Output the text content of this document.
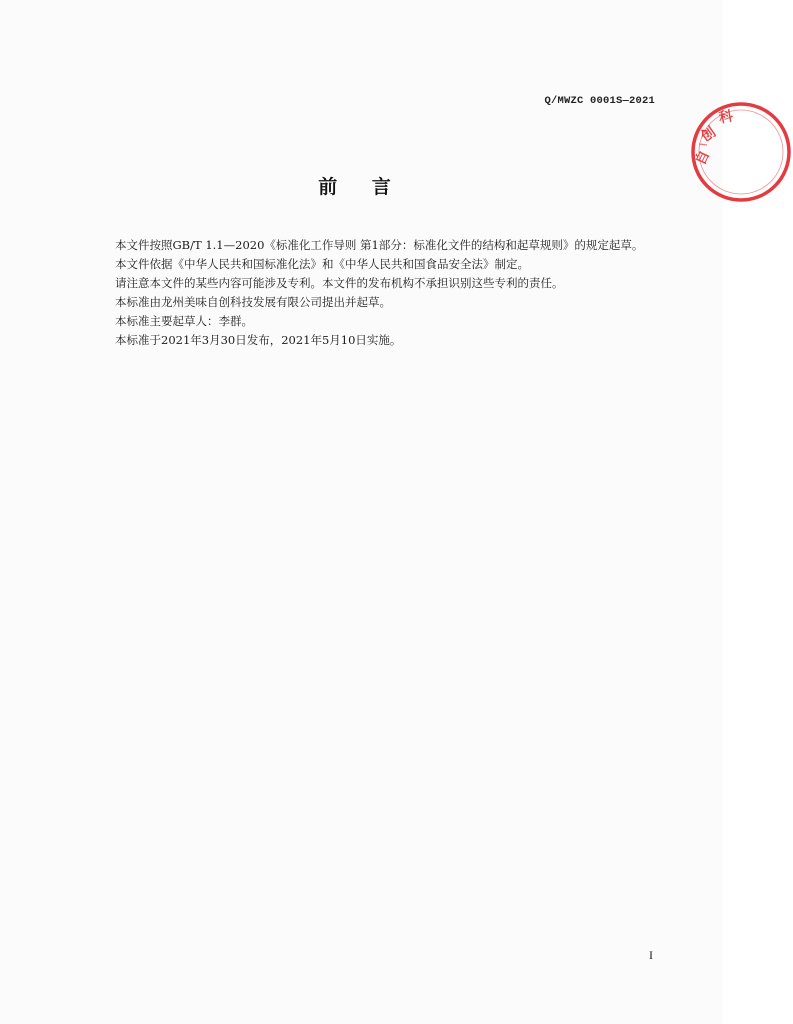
Q/MWZC 0001S—2021
前 言

本文件按照GB/T 1.1—2020《标准化工作导则 第1部分：标准化文件的结构和起草规则》的规定起草。

本文件依据《中华人民共和国标准化法》和《中华人民共和国食品安全法》制定。

请注意本文件的某些内容可能涉及专利。本文件的发布机构不承担识别这些专利的责任。

本标准由龙州美味自创科技发展有限公司提出并起草。

本标准主要起草人：李群。

本标准于2021年3月30日发布，2021年5月10日实施。

I
自
创
科
